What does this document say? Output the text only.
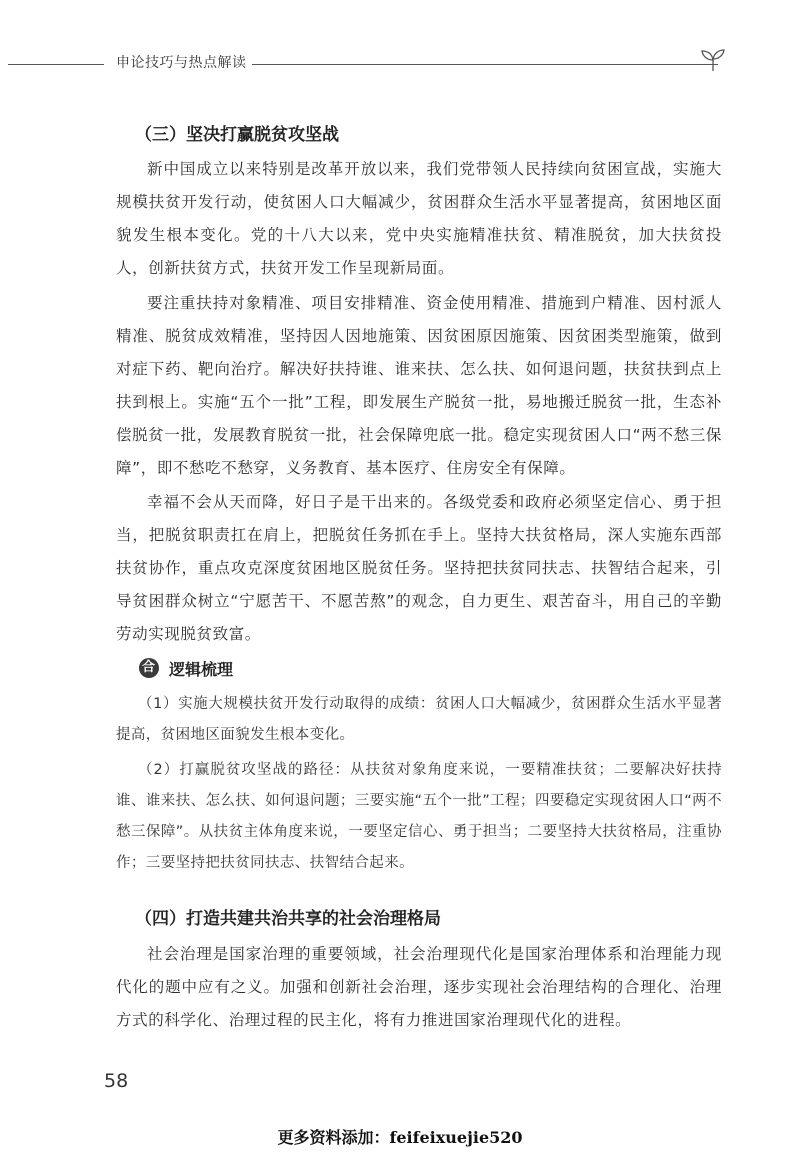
申论技巧与热点解读
（三）坚决打赢脱贫攻坚战
新中国成立以来特别是改革开放以来，我们党带领人民持续向贫困宣战，实施大规模扶贫开发行动，使贫困人口大幅减少，贫困群众生活水平显著提高，贫困地区面貌发生根本变化。党的十八大以来，党中央实施精准扶贫、精准脱贫，加大扶贫投人，创新扶贫方式，扶贫开发工作呈现新局面。
要注重扶持对象精准、项目安排精准、资金使用精准、措施到户精准、因村派人精准、脱贫成效精准，坚持因人因地施策、因贫困原因施策、因贫困类型施策，做到对症下药、靶向治疗。解决好扶持谁、谁来扶、怎么扶、如何退问题，扶贫扶到点上扶到根上。实施“五个一批”工程，即发展生产脱贫一批，易地搬迁脱贫一批，生态补偿脱贫一批，发展教育脱贫一批，社会保障兜底一批。稳定实现贫困人口“两不愁三保障”，即不愁吃不愁穿，义务教育、基本医疗、住房安全有保障。
幸福不会从天而降，好日子是干出来的。各级党委和政府必须坚定信心、勇于担当，把脱贫职责扛在肩上，把脱贫任务抓在手上。坚持大扶贫格局，深人实施东西部扶贫协作，重点攻克深度贫困地区脱贫任务。坚持把扶贫同扶志、扶智结合起来，引导贫困群众树立“宁愿苦干、不愿苦熬”的观念，自力更生、艰苦奋斗，用自己的辛勤劳动实现脱贫致富。
合 逻辑梳理
（1）实施大规模扶贫开发行动取得的成绩：贫困人口大幅减少，贫困群众生活水平显著提高，贫困地区面貌发生根本变化。
（2）打赢脱贫攻坚战的路径：从扶贫对象角度来说，一要精准扶贫；二要解决好扶持谁、谁来扶、怎么扶、如何退问题；三要实施“五个一批”工程；四要稳定实现贫困人口“两不愁三保障”。从扶贫主体角度来说，一要坚定信心、勇于担当；二要坚持大扶贫格局，注重协作；三要坚持把扶贫同扶志、扶智结合起来。
（四）打造共建共治共享的社会治理格局
社会治理是国家治理的重要领域，社会治理现代化是国家治理体系和治理能力现代化的题中应有之义。加强和创新社会治理，逐步实现社会治理结构的合理化、治理方式的科学化、治理过程的民主化，将有力推进国家治理现代化的进程。
58
更多资料添加：feifeixuejie520
